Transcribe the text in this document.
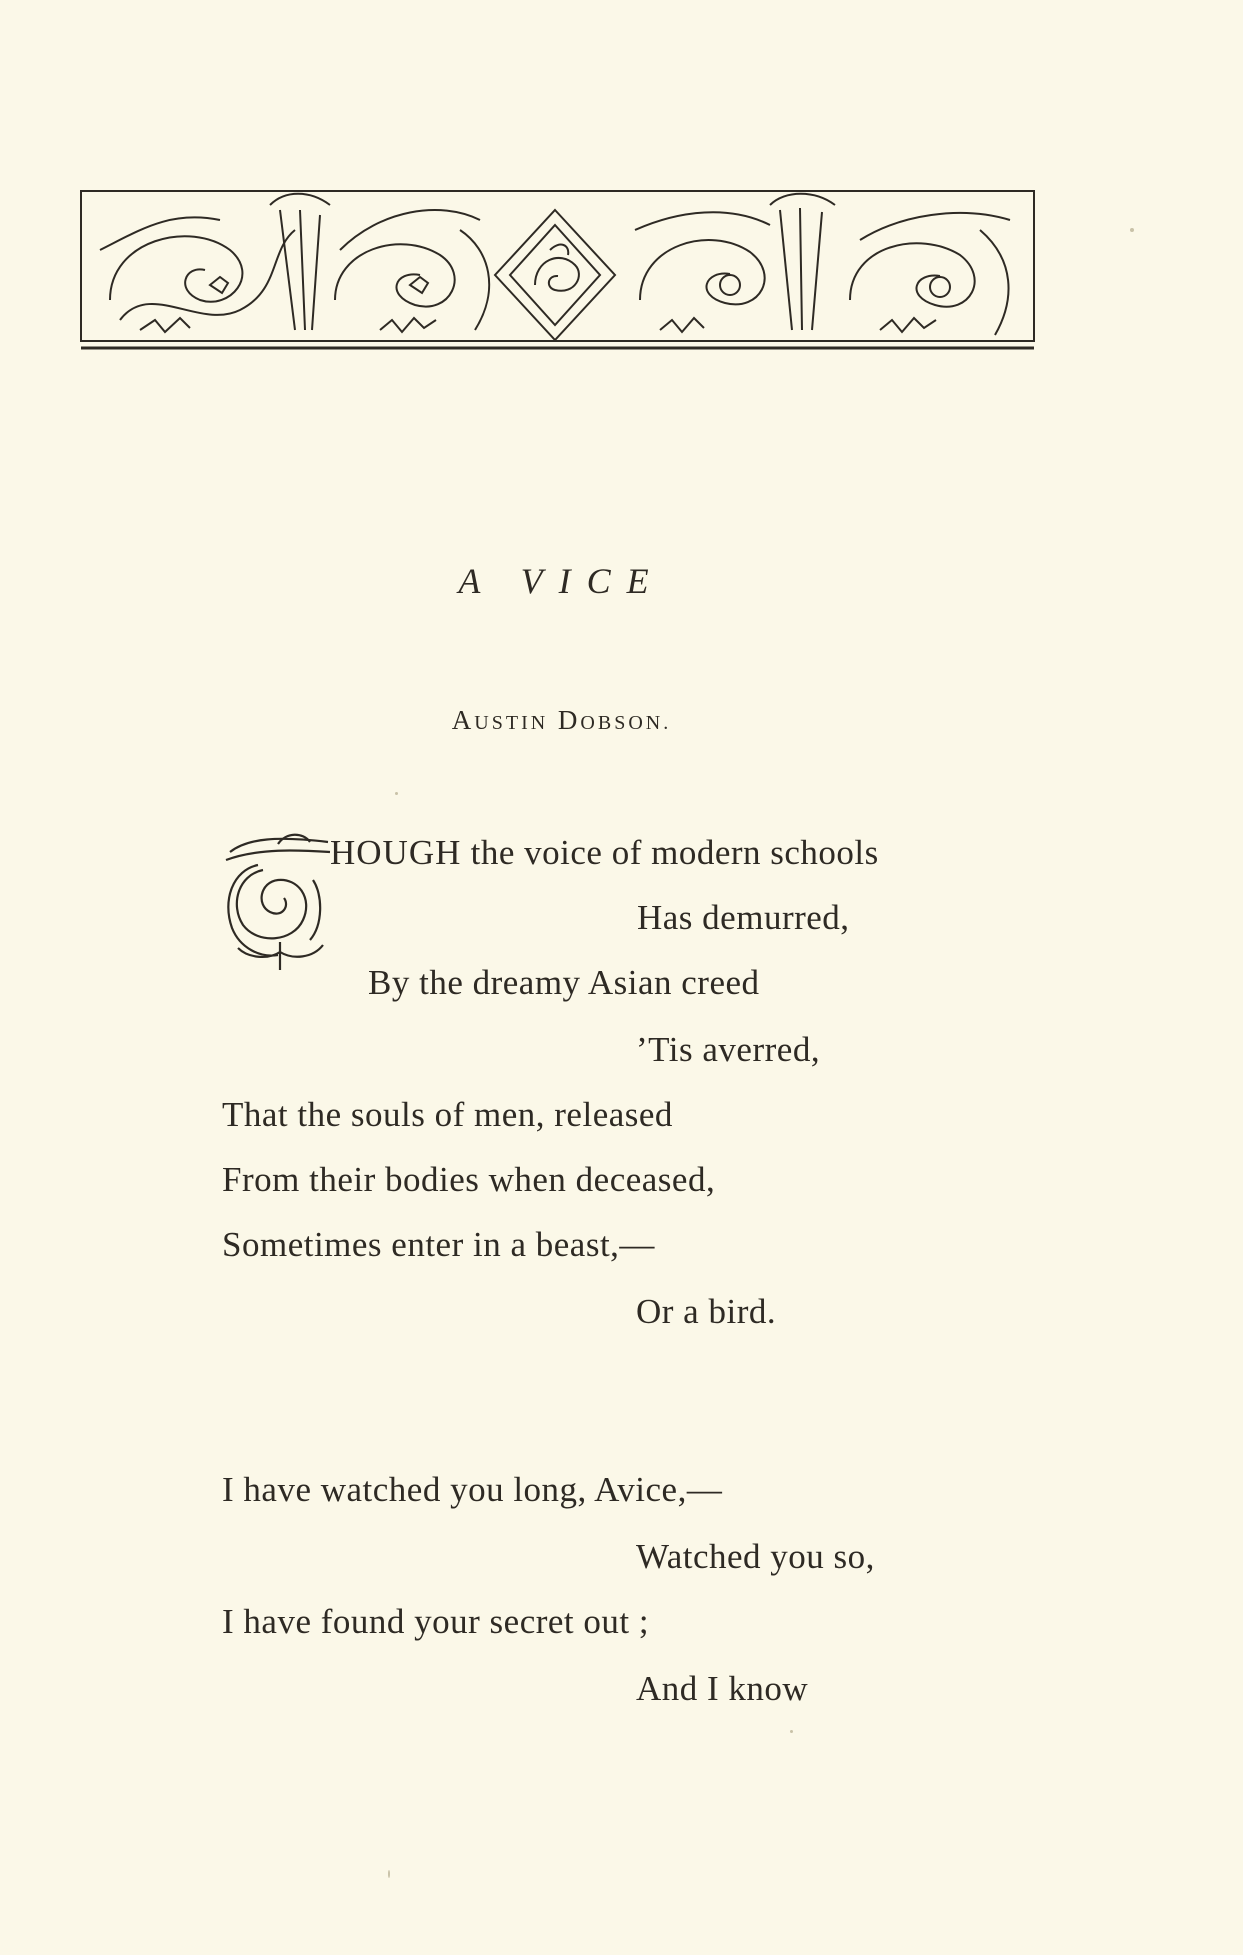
A VICE

AUSTIN DOBSON.

HOUGH the voice of modern schools

Has demurred,

By the dreamy Asian creed

’Tis averred,

That the souls of men, released

From their bodies when deceased,

Sometimes enter in a beast,—

Or a bird.

I have watched you long, Avice,—

Watched you so,

I have found your secret out ;

And I know
